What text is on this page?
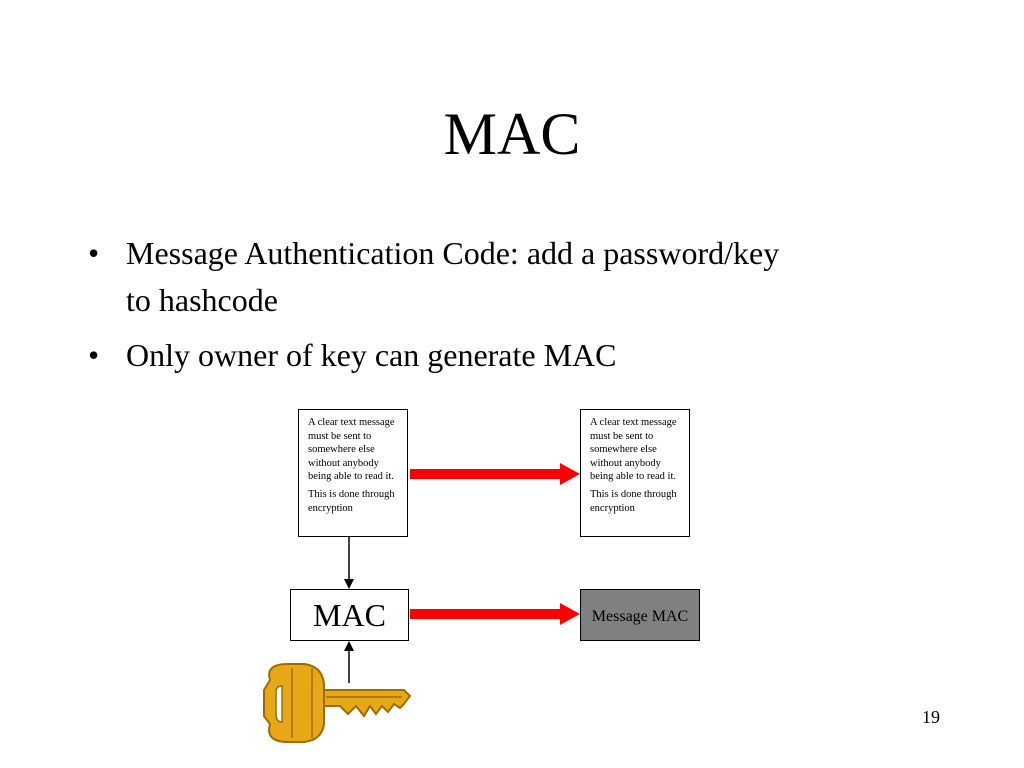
MAC
• Message Authentication Code: add a password/key to hashcode
• Only owner of key can generate MAC

A clear text message must be sent to somewhere else without anybody being able to read it.

This is done through encryption

A clear text message must be sent to somewhere else without anybody being able to read it.

This is done through encryption

MAC	Message MAC
19
